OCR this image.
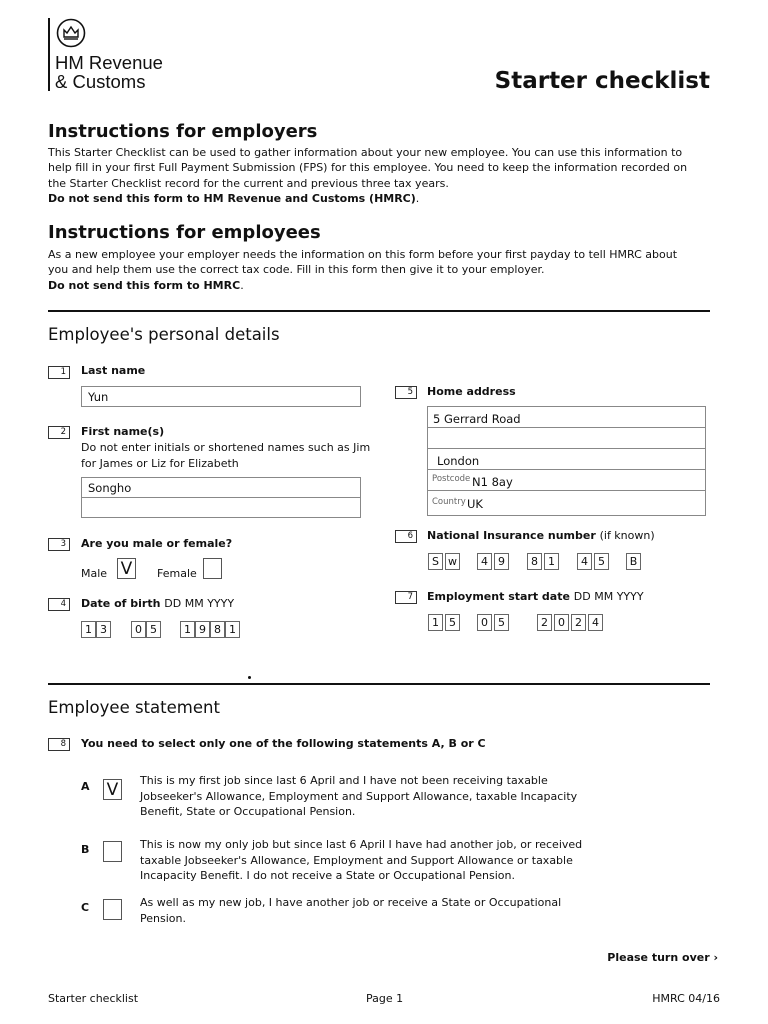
HM Revenue
& Customs	Starter checklist
Instructions for employers
This Starter Checklist can be used to gather information about your new employee. You can use this information to help fill in your first Full Payment Submission (FPS) for this employee. You need to keep the information recorded on the Starter Checklist record for the current and previous three tax years.
Do not send this form to HM Revenue and Customs (HMRC).
Instructions for employees
As a new employee your employer needs the information on this form before your first payday to tell HMRC about you and help them use the correct tax code. Fill in this form then give it to your employer.
Do not send this form to HMRC.
Employee's personal details
1	Last name
Yun
2	First name(s)
Do not enter initials or shortened names such as Jim for James or Liz for Elizabeth
Songho
3	Are you male or female?
Male V	Female
4	Date of birth DD MM YYYY
1 3	0 5	1 9 8 1
5	Home address
5 Gerrard Road
London
Postcode N1 8ay
Country UK
6	National Insurance number (if known)
S w	4 9	8 1	4 5	B
7	Employment start date DD MM YYYY
1 5	0 5	2 0 2 4
Employee statement
8	You need to select only one of the following statements A, B or C
A V	This is my first job since last 6 April and I have not been receiving taxable Jobseeker's Allowance, Employment and Support Allowance, taxable Incapacity Benefit, State or Occupational Pension.
B	This is now my only job but since last 6 April I have had another job, or received taxable Jobseeker's Allowance, Employment and Support Allowance or taxable Incapacity Benefit. I do not receive a State or Occupational Pension.
C	As well as my new job, I have another job or receive a State or Occupational Pension.
Please turn over ›
Starter checklist	Page 1	HMRC 04/16
